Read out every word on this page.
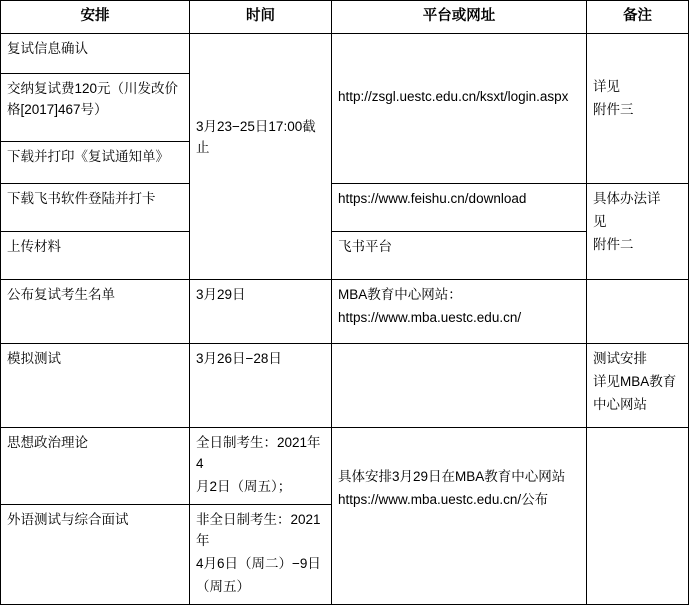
安排	时间	平台或网址	备注
复试信息确认	3月23−25日17:00截止	http://zsgl.uestc.edu.cn/ksxt/login.aspx	详见
附件三

交纳复试费120元（川发改价格[2017]467号）			
下载并打印《复试通知单》			
下载飞书软件登陆并打卡		https://www.feishu.cn/download	具体办法详
见
附件二

上传材料		飞书平台	
公布复试考生名单	3月29日	MBA教育中心网站：
https://www.mba.uestc.edu.cn/	

模拟测试	3月26日−28日		测试安排
详见MBA教育
中心网站

思想政治理论	全日制考生：2021年4
月2日（周五）；	具体安排3月29日在MBA教育中心网站
https://www.mba.uestc.edu.cn/公布	

外语测试与综合面试	非全日制考生：2021年
4月6日（周二）−9日
（周五）		
